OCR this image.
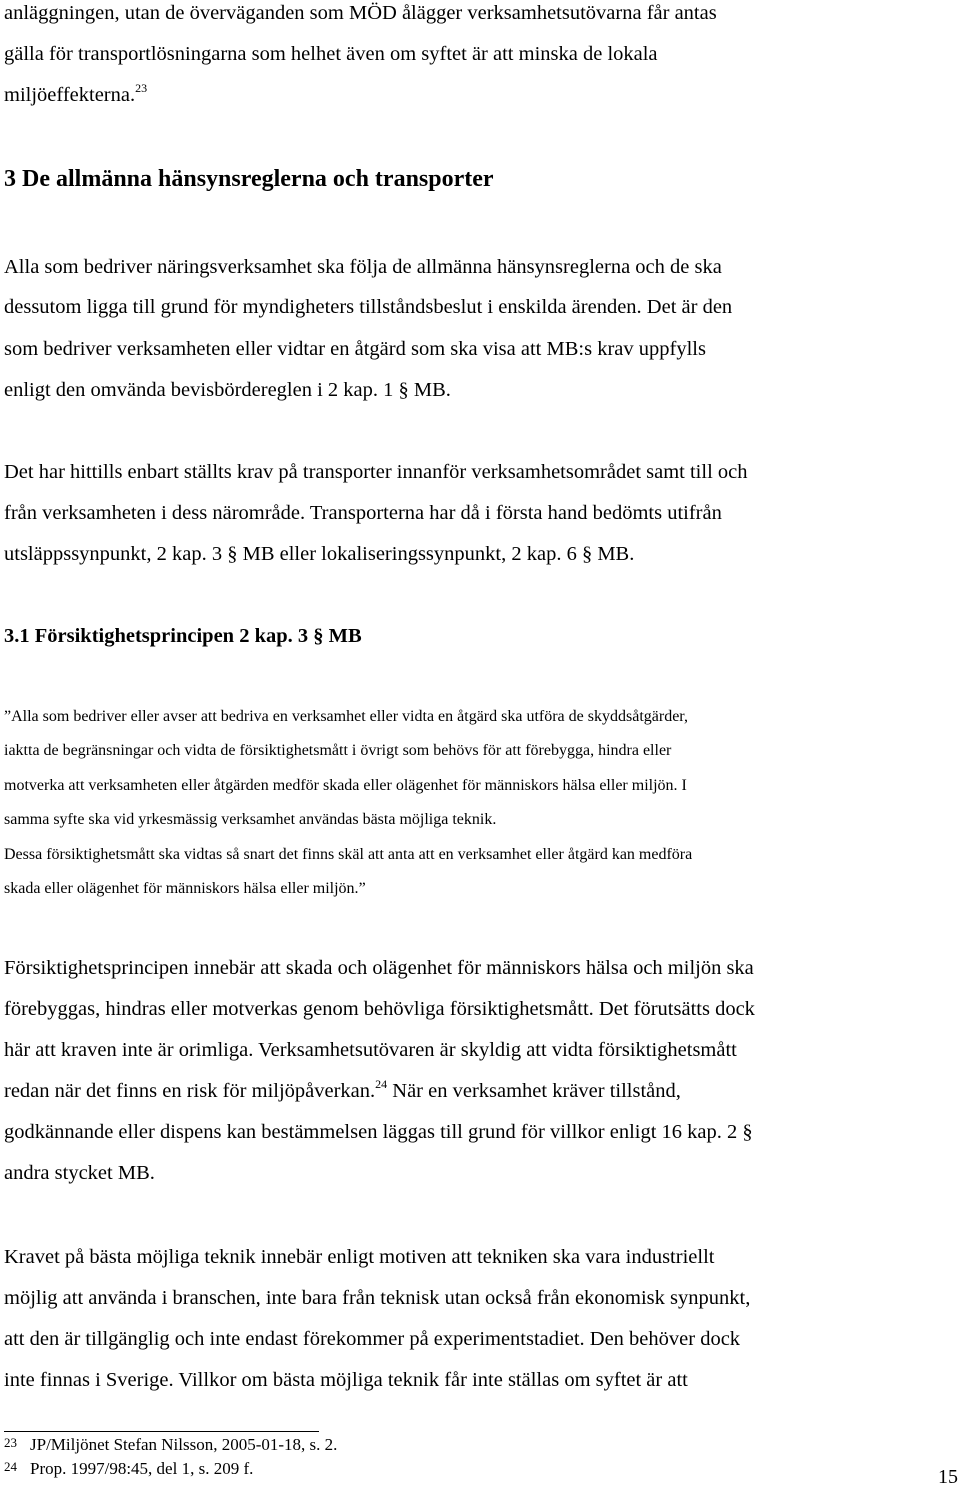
anläggningen, utan de överväganden som MÖD ålägger verksamhetsutövarna får antas
gälla för transportlösningarna som helhet även om syftet är att minska de lokala
miljöeffekterna.$^{23}$
3 De allmänna hänsynsreglerna och transporter
Alla som bedriver näringsverksamhet ska följa de allmänna hänsynsreglerna och de ska
dessutom ligga till grund för myndigheters tillståndsbeslut i enskilda ärenden. Det är den
som bedriver verksamheten eller vidtar en åtgärd som ska visa att MB:s krav uppfylls
enligt den omvända bevisbördereglen i 2 kap. 1 § MB.
Det har hittills enbart ställts krav på transporter innanför verksamhetsområdet samt till och
från verksamheten i dess närområde. Transporterna har då i första hand bedömts utifrån
utsläppssynpunkt, 2 kap. 3 § MB eller lokaliseringssynpunkt, 2 kap. 6 § MB.
3.1 Försiktighetsprincipen 2 kap. 3 § MB
”Alla som bedriver eller avser att bedriva en verksamhet eller vidta en åtgärd ska utföra de skyddsåtgärder,
iaktta de begränsningar och vidta de försiktighetsmått i övrigt som behövs för att förebygga, hindra eller
motverka att verksamheten eller åtgärden medför skada eller olägenhet för människors hälsa eller miljön. I
samma syfte ska vid yrkesmässig verksamhet användas bästa möjliga teknik.
Dessa försiktighetsmått ska vidtas så snart det finns skäl att anta att en verksamhet eller åtgärd kan medföra
skada eller olägenhet för människors hälsa eller miljön.”
Försiktighetsprincipen innebär att skada och olägenhet för människors hälsa och miljön ska
förebyggas, hindras eller motverkas genom behövliga försiktighetsmått. Det förutsätts dock
här att kraven inte är orimliga. Verksamhetsutövaren är skyldig att vidta försiktighetsmått
redan när det finns en risk för miljöpåverkan.$^{24}$ När en verksamhet kräver tillstånd,
godkännande eller dispens kan bestämmelsen läggas till grund för villkor enligt 16 kap. 2 §
andra stycket MB.
Kravet på bästa möjliga teknik innebär enligt motiven att tekniken ska vara industriellt
möjlig att använda i branschen, inte bara från teknisk utan också från ekonomisk synpunkt,
att den är tillgänglig och inte endast förekommer på experimentstadiet. Den behöver dock
inte finnas i Sverige. Villkor om bästa möjliga teknik får inte ställas om syftet är att
23 JP/Miljönet Stefan Nilsson, 2005-01-18, s. 2.
24 Prop. 1997/98:45, del 1, s. 209 f.	15
